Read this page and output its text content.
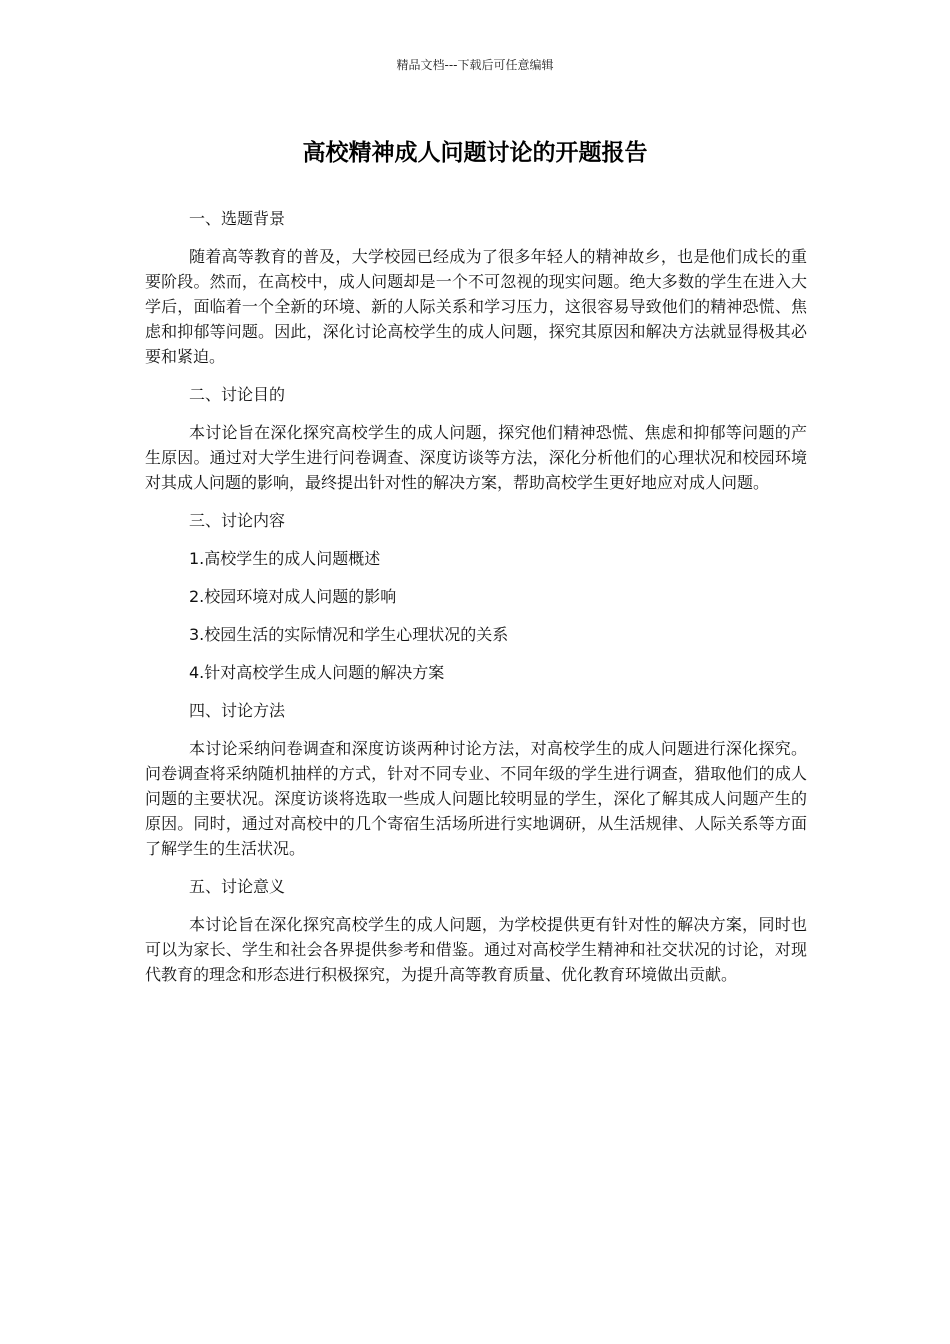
精品文档---下载后可任意编辑
高校精神成人问题讨论的开题报告

一、选题背景

随着高等教育的普及，大学校园已经成为了很多年轻人的精神故乡，也是他们成长的重要阶段。然而，在高校中，成人问题却是一个不可忽视的现实问题。绝大多数的学生在进入大学后，面临着一个全新的环境、新的人际关系和学习压力，这很容易导致他们的精神恐慌、焦虑和抑郁等问题。因此，深化讨论高校学生的成人问题，探究其原因和解决方法就显得极其必要和紧迫。

二、讨论目的

本讨论旨在深化探究高校学生的成人问题，探究他们精神恐慌、焦虑和抑郁等问题的产生原因。通过对大学生进行问卷调查、深度访谈等方法，深化分析他们的心理状况和校园环境对其成人问题的影响，最终提出针对性的解决方案，帮助高校学生更好地应对成人问题。

三、讨论内容

1.高校学生的成人问题概述

2.校园环境对成人问题的影响

3.校园生活的实际情况和学生心理状况的关系

4.针对高校学生成人问题的解决方案

四、讨论方法

本讨论采纳问卷调查和深度访谈两种讨论方法，对高校学生的成人问题进行深化探究。问卷调查将采纳随机抽样的方式，针对不同专业、不同年级的学生进行调查，猎取他们的成人问题的主要状况。深度访谈将选取一些成人问题比较明显的学生，深化了解其成人问题产生的原因。同时，通过对高校中的几个寄宿生活场所进行实地调研，从生活规律、人际关系等方面了解学生的生活状况。

五、讨论意义

本讨论旨在深化探究高校学生的成人问题，为学校提供更有针对性的解决方案，同时也可以为家长、学生和社会各界提供参考和借鉴。通过对高校学生精神和社交状况的讨论，对现代教育的理念和形态进行积极探究，为提升高等教育质量、优化教育环境做出贡献。
